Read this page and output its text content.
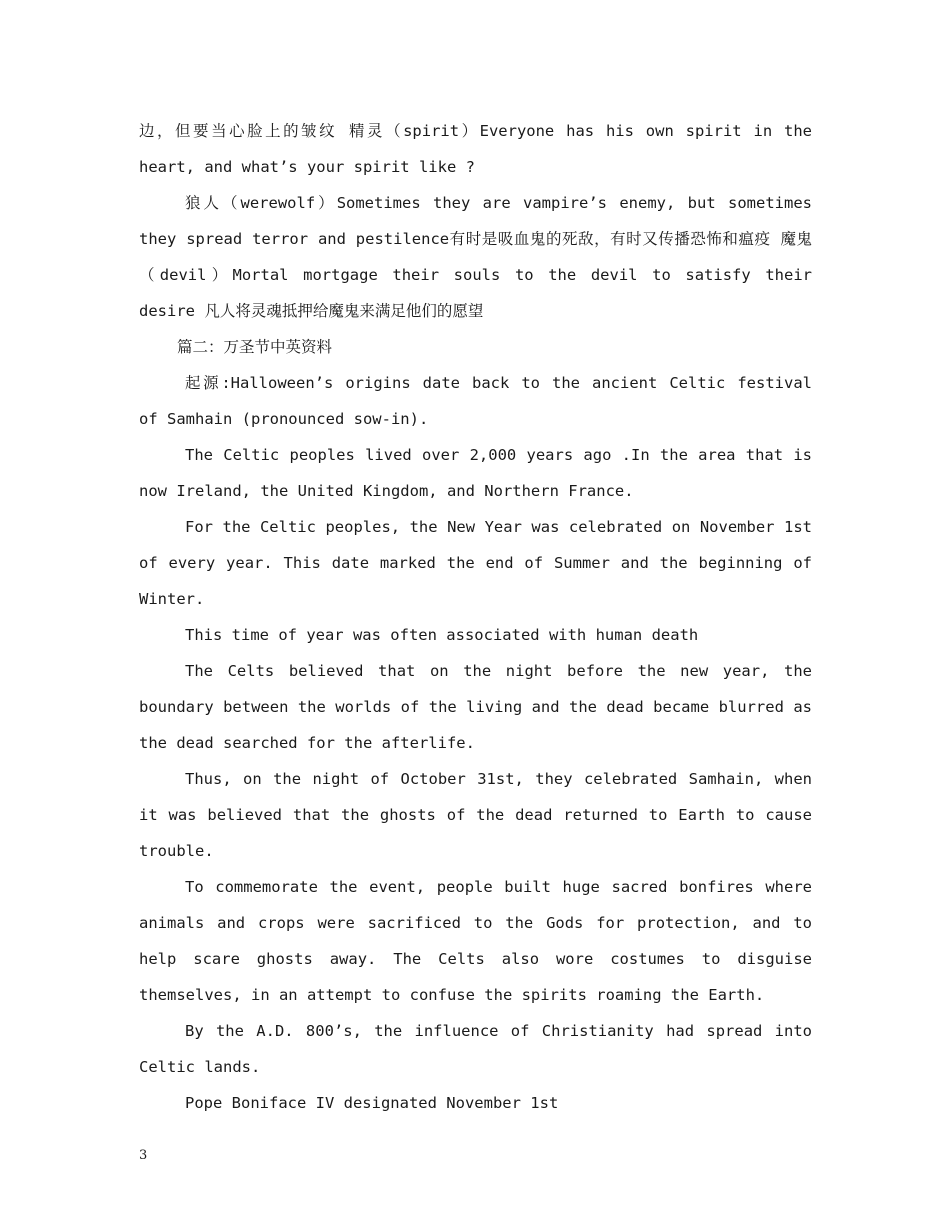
边，但要当心脸上的皱纹 精灵（spirit）Everyone has his own spirit in the heart, and what’s your spirit like ?

狼人（werewolf）Sometimes they are vampire’s enemy, but sometimes they spread terror and pestilence有时是吸血鬼的死敌，有时又传播恐怖和瘟疫 魔鬼（devil）Mortal mortgage their souls to the devil to satisfy their desire 凡人将灵魂抵押给魔鬼来满足他们的愿望

篇二：万圣节中英资料

起源:Halloween’s origins date back to the ancient Celtic festival of Samhain (pronounced sow-in).

The Celtic peoples lived over 2,000 years ago .In the area that is now Ireland, the United Kingdom, and Northern France.

For the Celtic peoples, the New Year was celebrated on November 1st of every year. This date marked the end of Summer and the beginning of Winter.

This time of year was often associated with human death

The Celts believed that on the night before the new year, the boundary between the worlds of the living and the dead became blurred as the dead searched for the afterlife.

Thus, on the night of October 31st, they celebrated Samhain, when it was believed that the ghosts of the dead returned to Earth to cause trouble.

To commemorate the event, people built huge sacred bonfires where animals and crops were sacrificed to the Gods for protection, and to help scare ghosts away. The Celts also wore costumes to disguise themselves, in an attempt to confuse the spirits roaming the Earth.

By the A.D. 800’s, the influence of Christianity had spread into Celtic lands.

Pope Boniface IV designated November 1st

3
